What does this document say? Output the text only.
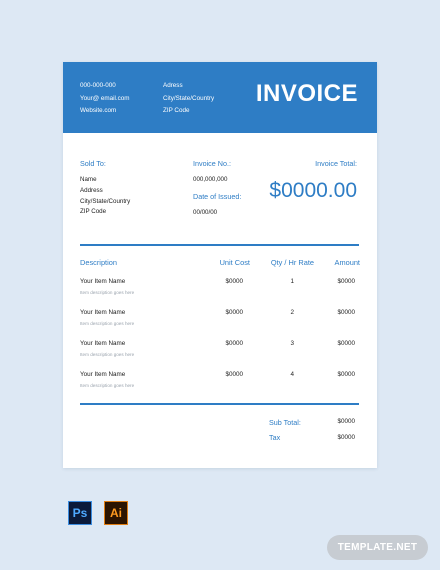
000-000-000
Your@ email.com
Website.com
Adress
City/State/Country
ZIP Code
INVOICE
Sold To:
Name
Address
City/State/Country
ZIP Code
Invoice No.:
000,000,000
Date of Issued:
00/00/00
Invoice Total:
$0000.00
Description	Unit Cost	Qty / Hr Rate	Amount
Your Item Name
Item description goes here
$0000	1	$0000
Your Item Name
Item description goes here
$0000	2	$0000
Your Item Name
Item description goes here
$0000	3	$0000
Your Item Name
Item description goes here
$0000	4	$0000
Sub Total:	$0000
Tax	$0000
Ps	Ai
TEMPLATE.NET
